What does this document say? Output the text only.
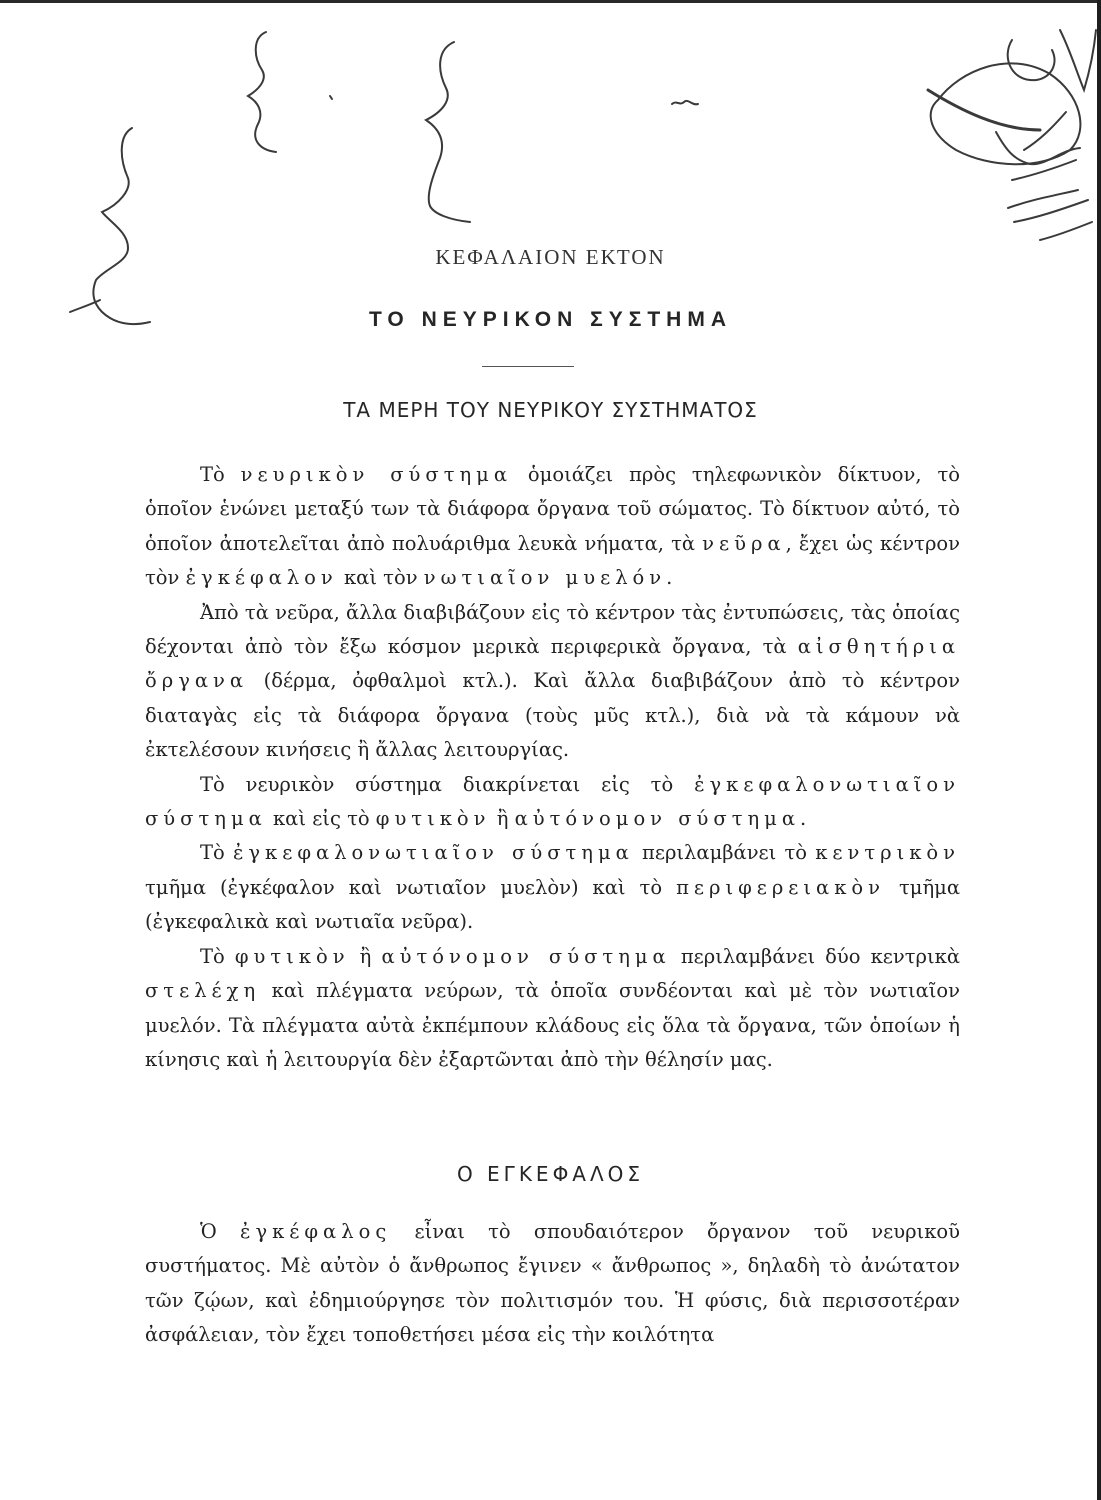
ΚΕΦΑΛΑΙΟΝ ΕΚΤΟΝ
ΤΟ ΝΕΥΡΙΚΟΝ ΣΥΣΤΗΜΑ
ΤΑ ΜΕΡΗ ΤΟΥ ΝΕΥΡΙΚΟΥ ΣΥΣΤΗΜΑΤΟΣ

Τὸ νευρικὸν σύστημα ὁμοιάζει πρὸς τηλεφωνικὸν δίκτυον, τὸ ὁποῖον ἑνώνει μεταξύ των τὰ διάφορα ὄργανα τοῦ σώματος. Τὸ δίκτυον αὐτό, τὸ ὁποῖον ἀποτελεῖται ἀπὸ πολυάριθμα λευκὰ νήματα, τὰ νεῦρα, ἔχει ὡς κέντρον τὸν ἐγκέφαλον καὶ τὸν νωτιαῖον μυελόν.

Ἀπὸ τὰ νεῦρα, ἄλλα διαβιβάζουν εἰς τὸ κέντρον τὰς ἐντυπώσεις, τὰς ὁποίας δέχονται ἀπὸ τὸν ἔξω κόσμον μερικὰ περιφερικὰ ὄργανα, τὰ αἰσθητήρια ὄργανα (δέρμα, ὀφθαλμοὶ κτλ.). Καὶ ἄλλα διαβιβάζουν ἀπὸ τὸ κέντρον διαταγὰς εἰς τὰ διάφορα ὄργανα (τοὺς μῦς κτλ.), διὰ νὰ τὰ κάμουν νὰ ἐκτελέσουν κινήσεις ἢ ἄλλας λειτουργίας.

Τὸ νευρικὸν σύστημα διακρίνεται εἰς τὸ ἐγκεφαλονωτιαῖον σύστημα καὶ εἰς τὸ φυτικὸν ἢ αὐτόνομον σύστημα.

Τὸ ἐγκεφαλονωτιαῖον σύστημα περιλαμβάνει τὸ κεντρικὸν τμῆμα (ἐγκέφαλον καὶ νωτιαῖον μυελὸν) καὶ τὸ περιφερειακὸν τμῆμα (ἐγκεφαλικὰ καὶ νωτιαῖα νεῦρα).

Τὸ φυτικὸν ἢ αὐτόνομον σύστημα περιλαμβάνει δύο κεντρικὰ στελέχη καὶ πλέγματα νεύρων, τὰ ὁποῖα συνδέονται καὶ μὲ τὸν νωτιαῖον μυελόν. Τὰ πλέγματα αὐτὰ ἐκπέμπουν κλάδους εἰς ὅλα τὰ ὄργανα, τῶν ὁποίων ἡ κίνησις καὶ ἡ λειτουργία δὲν ἐξαρτῶνται ἀπὸ τὴν θέλησίν μας.

Ο ΕΓΚΕΦΑΛΟΣ

Ὁ ἐγκέφαλος εἶναι τὸ σπουδαιότερον ὄργανον τοῦ νευρικοῦ συστήματος. Μὲ αὐτὸν ὁ ἄνθρωπος ἔγινεν « ἄνθρωπος », δηλαδὴ τὸ ἀνώτατον τῶν ζῴων, καὶ ἐδημιούργησε τὸν πολιτισμόν του. Ἡ φύσις, διὰ περισσοτέραν ἀσφάλειαν, τὸν ἔχει τοποθετήσει μέσα εἰς τὴν κοιλότητα
